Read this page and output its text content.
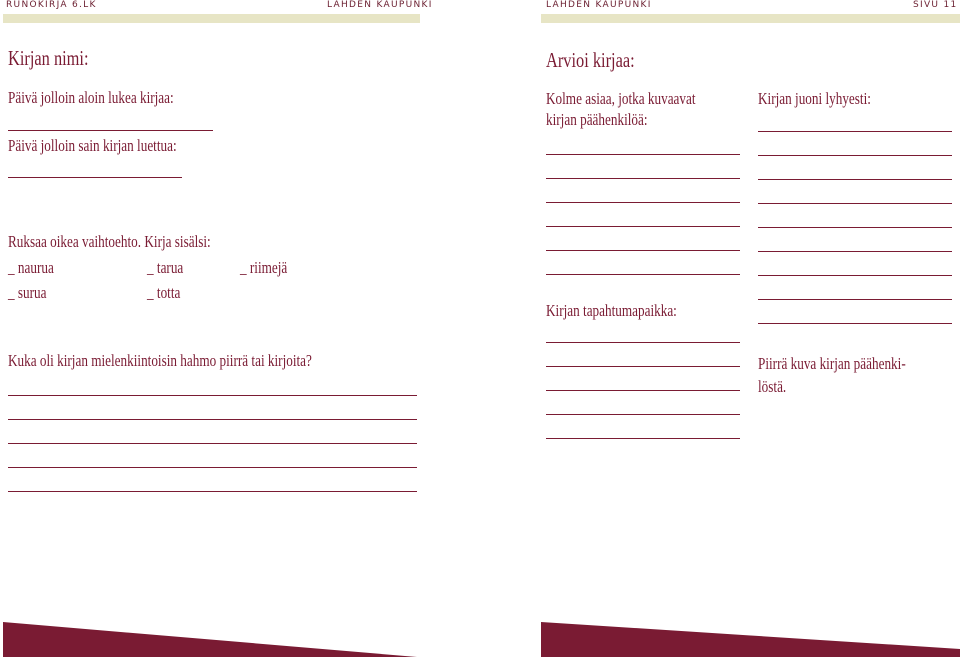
RUNOKIRJA 6.LK	LAHDEN KAUPUNKI	LAHDEN KAUPUNKI	SIVU 11
Kirjan nimi:
Päivä jolloin aloin lukea kirjaa:
Päivä jolloin sain kirjan luettua:
Ruksaa oikea vaihtoehto. Kirja sisälsi:
_ naurua	_ tarua	_ riimejä
_ surua	_ totta
Kuka oli kirjan mielenkiintoisin hahmo piirrä tai kirjoita?
Arvioi kirjaa:
Kolme asiaa, jotka kuvaavat
kirjan päähenkilöä:
Kirjan tapahtumapaikka:
Kirjan juoni lyhyesti:
Piirrä kuva kirjan päähenki-
löstä.
